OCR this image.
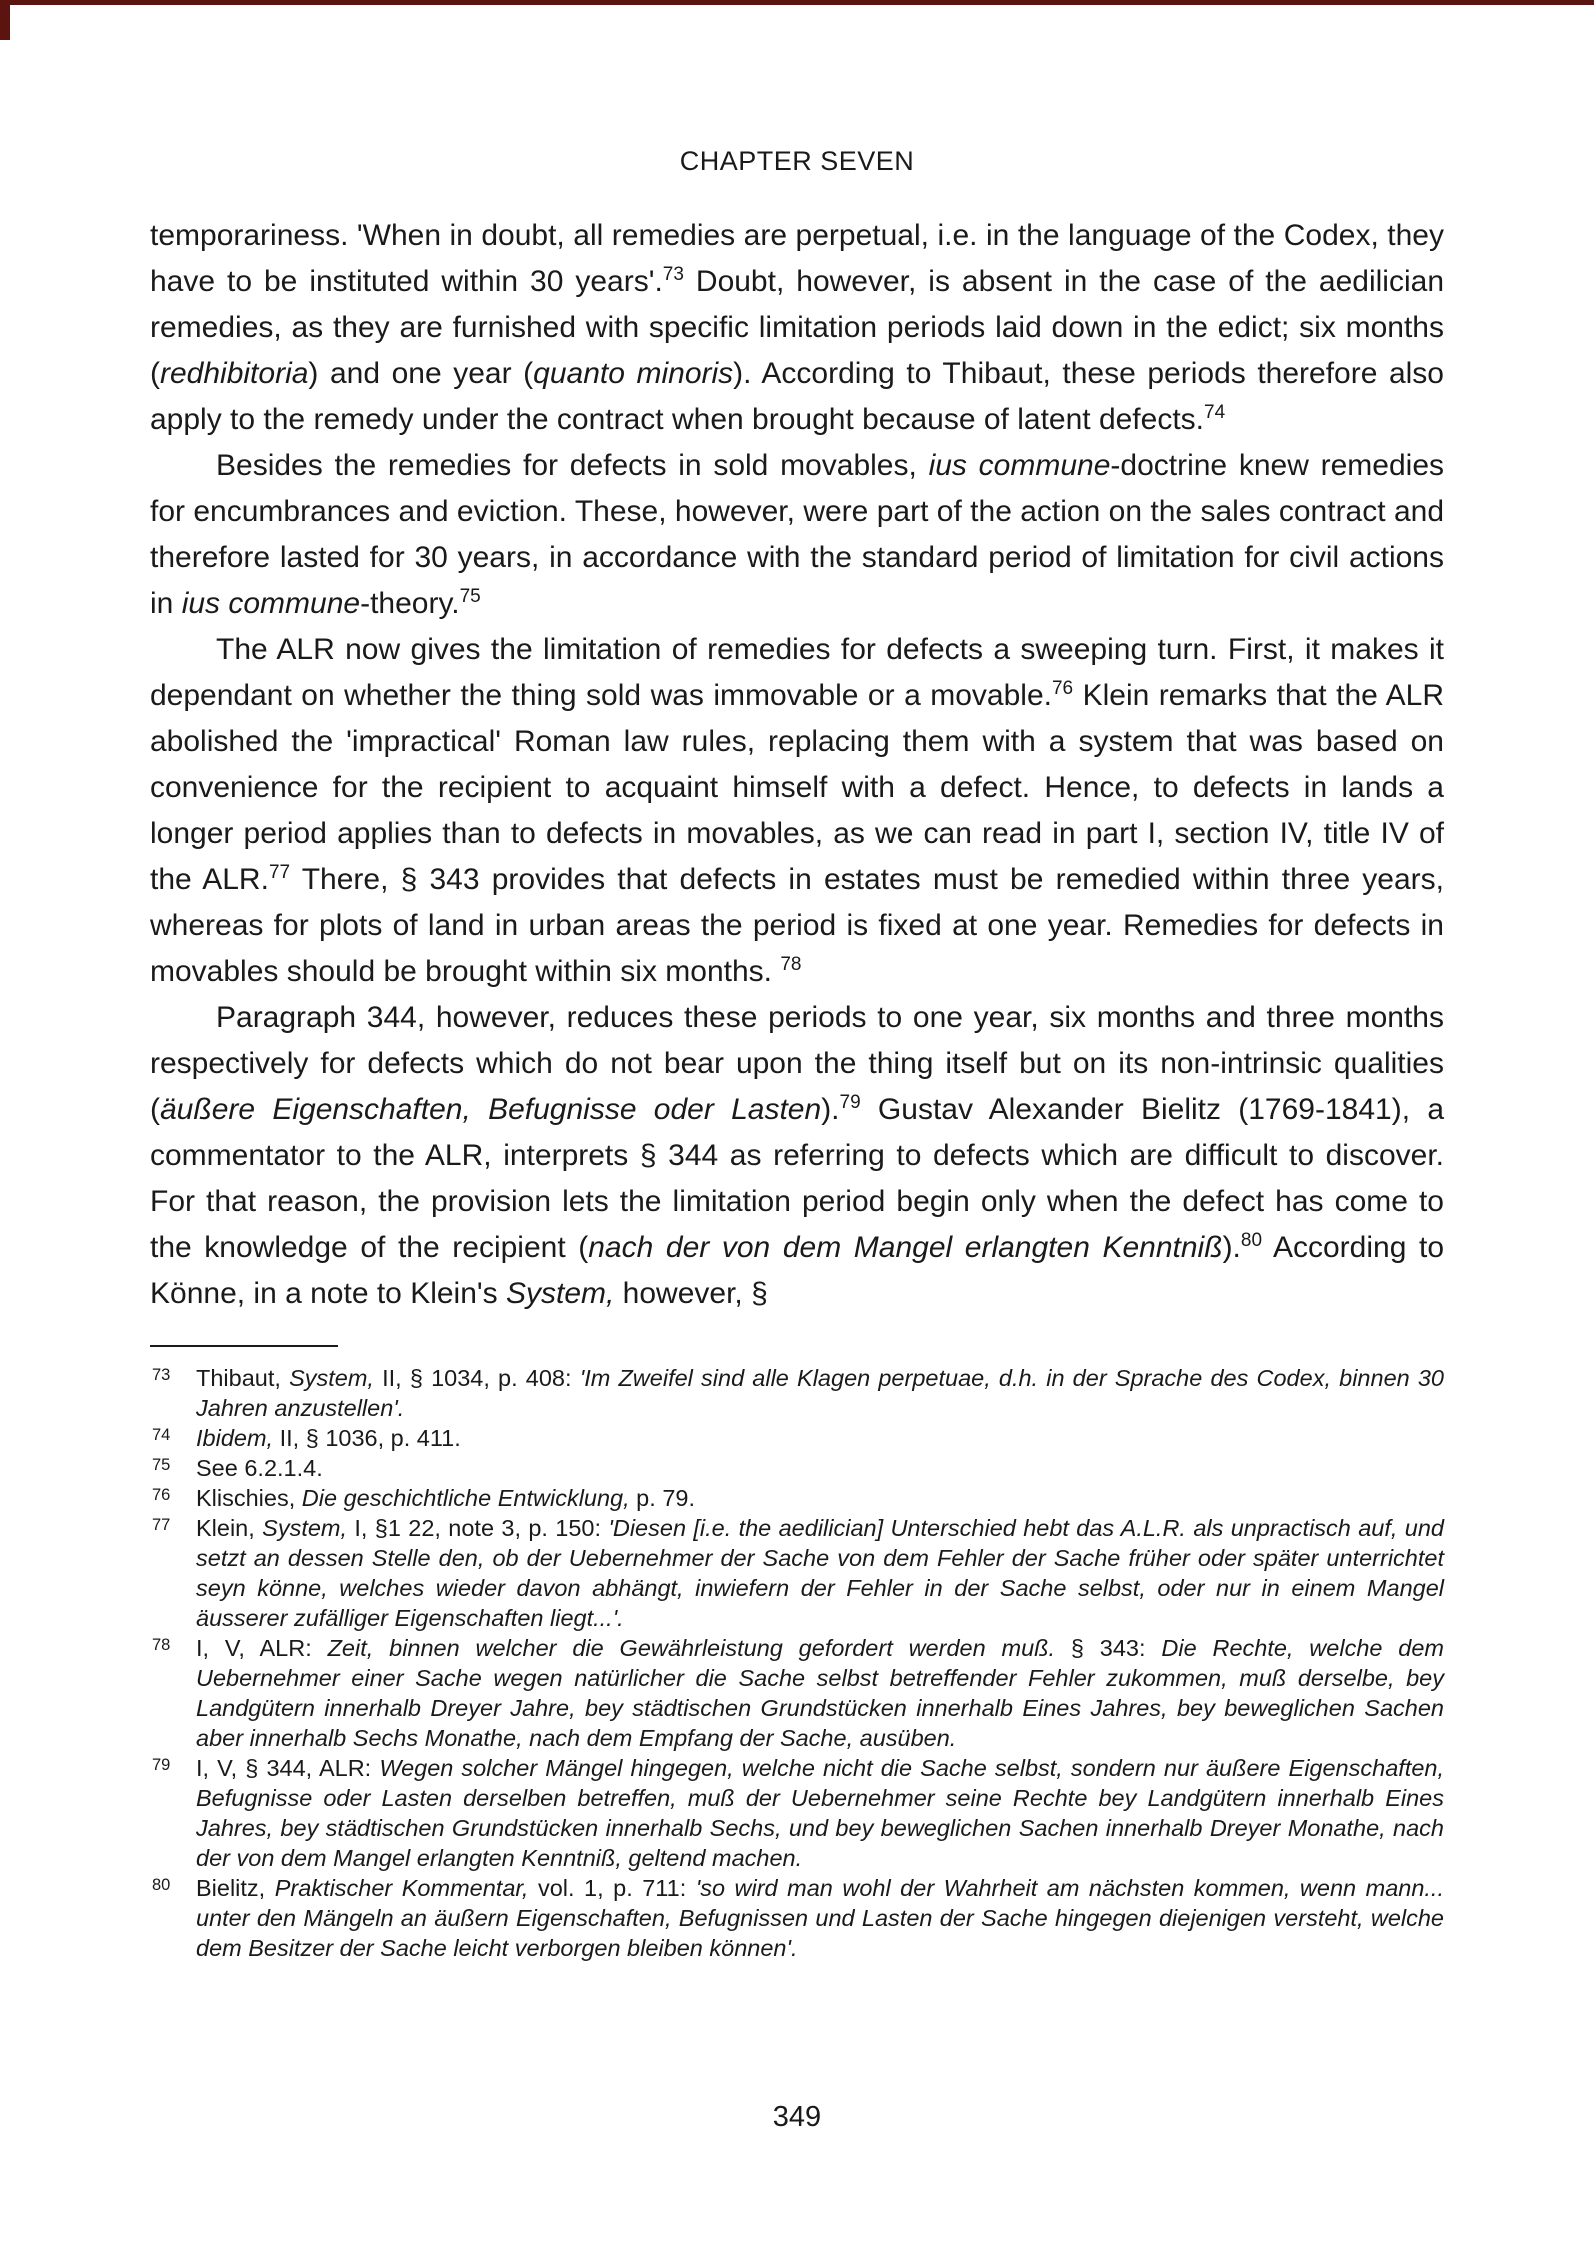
CHAPTER SEVEN

temporariness. 'When in doubt, all remedies are perpetual, i.e. in the language of the Codex, they have to be instituted within 30 years'.$^{73}$ Doubt, however, is absent in the case of the aedilician remedies, as they are furnished with specific limitation periods laid down in the edict; six months (redhibitoria) and one year (quanto minoris). According to Thibaut, these periods therefore also apply to the remedy under the contract when brought because of latent defects.$^{74}$

Besides the remedies for defects in sold movables, ius commune-doctrine knew remedies for encumbrances and eviction. These, however, were part of the action on the sales contract and therefore lasted for 30 years, in accordance with the standard period of limitation for civil actions in ius commune-theory.$^{75}$

The ALR now gives the limitation of remedies for defects a sweeping turn. First, it makes it dependant on whether the thing sold was immovable or a movable.$^{76}$ Klein remarks that the ALR abolished the 'impractical' Roman law rules, replacing them with a system that was based on convenience for the recipient to acquaint himself with a defect. Hence, to defects in lands a longer period applies than to defects in movables, as we can read in part I, section IV, title IV of the ALR.$^{77}$ There, § 343 provides that defects in estates must be remedied within three years, whereas for plots of land in urban areas the period is fixed at one year. Remedies for defects in movables should be brought within six months. $^{78}$

Paragraph 344, however, reduces these periods to one year, six months and three months respectively for defects which do not bear upon the thing itself but on its non-intrinsic qualities (äußere Eigenschaften, Befugnisse oder Lasten).$^{79}$ Gustav Alexander Bielitz (1769-1841), a commentator to the ALR, interprets § 344 as referring to defects which are difficult to discover. For that reason, the provision lets the limitation period begin only when the defect has come to the knowledge of the recipient (nach der von dem Mangel erlangten Kenntniß).$^{80}$ According to Könne, in a note to Klein's System, however, §

73 Thibaut, System, II, § 1034, p. 408: 'Im Zweifel sind alle Klagen perpetuae, d.h. in der Sprache des Codex, binnen 30 Jahren anzustellen'.
74 Ibidem, II, § 1036, p. 411.
75 See 6.2.1.4.
76 Klischies, Die geschichtliche Entwicklung, p. 79.
77 Klein, System, I, §1 22, note 3, p. 150: 'Diesen [i.e. the aedilician] Unterschied hebt das A.L.R. als unpractisch auf, und setzt an dessen Stelle den, ob der Uebernehmer der Sache von dem Fehler der Sache früher oder später unterrichtet seyn könne, welches wieder davon abhängt, inwiefern der Fehler in der Sache selbst, oder nur in einem Mangel äusserer zufälliger Eigenschaften liegt...'.
78 I, V, ALR: Zeit, binnen welcher die Gewährleistung gefordert werden muß. § 343: Die Rechte, welche dem Uebernehmer einer Sache wegen natürlicher die Sache selbst betreffender Fehler zukommen, muß derselbe, bey Landgütern innerhalb Dreyer Jahre, bey städtischen Grundstücken innerhalb Eines Jahres, bey beweglichen Sachen aber innerhalb Sechs Monathe, nach dem Empfang der Sache, ausüben.
79 I, V, § 344, ALR: Wegen solcher Mängel hingegen, welche nicht die Sache selbst, sondern nur äußere Eigenschaften, Befugnisse oder Lasten derselben betreffen, muß der Uebernehmer seine Rechte bey Landgütern innerhalb Eines Jahres, bey städtischen Grundstücken innerhalb Sechs, und bey beweglichen Sachen innerhalb Dreyer Monathe, nach der von dem Mangel erlangten Kenntniß, geltend machen.
80 Bielitz, Praktischer Kommentar, vol. 1, p. 711: 'so wird man wohl der Wahrheit am nächsten kommen, wenn mann... unter den Mängeln an äußern Eigenschaften, Befugnissen und Lasten der Sache hingegen diejenigen versteht, welche dem Besitzer der Sache leicht verborgen bleiben können'.
349
